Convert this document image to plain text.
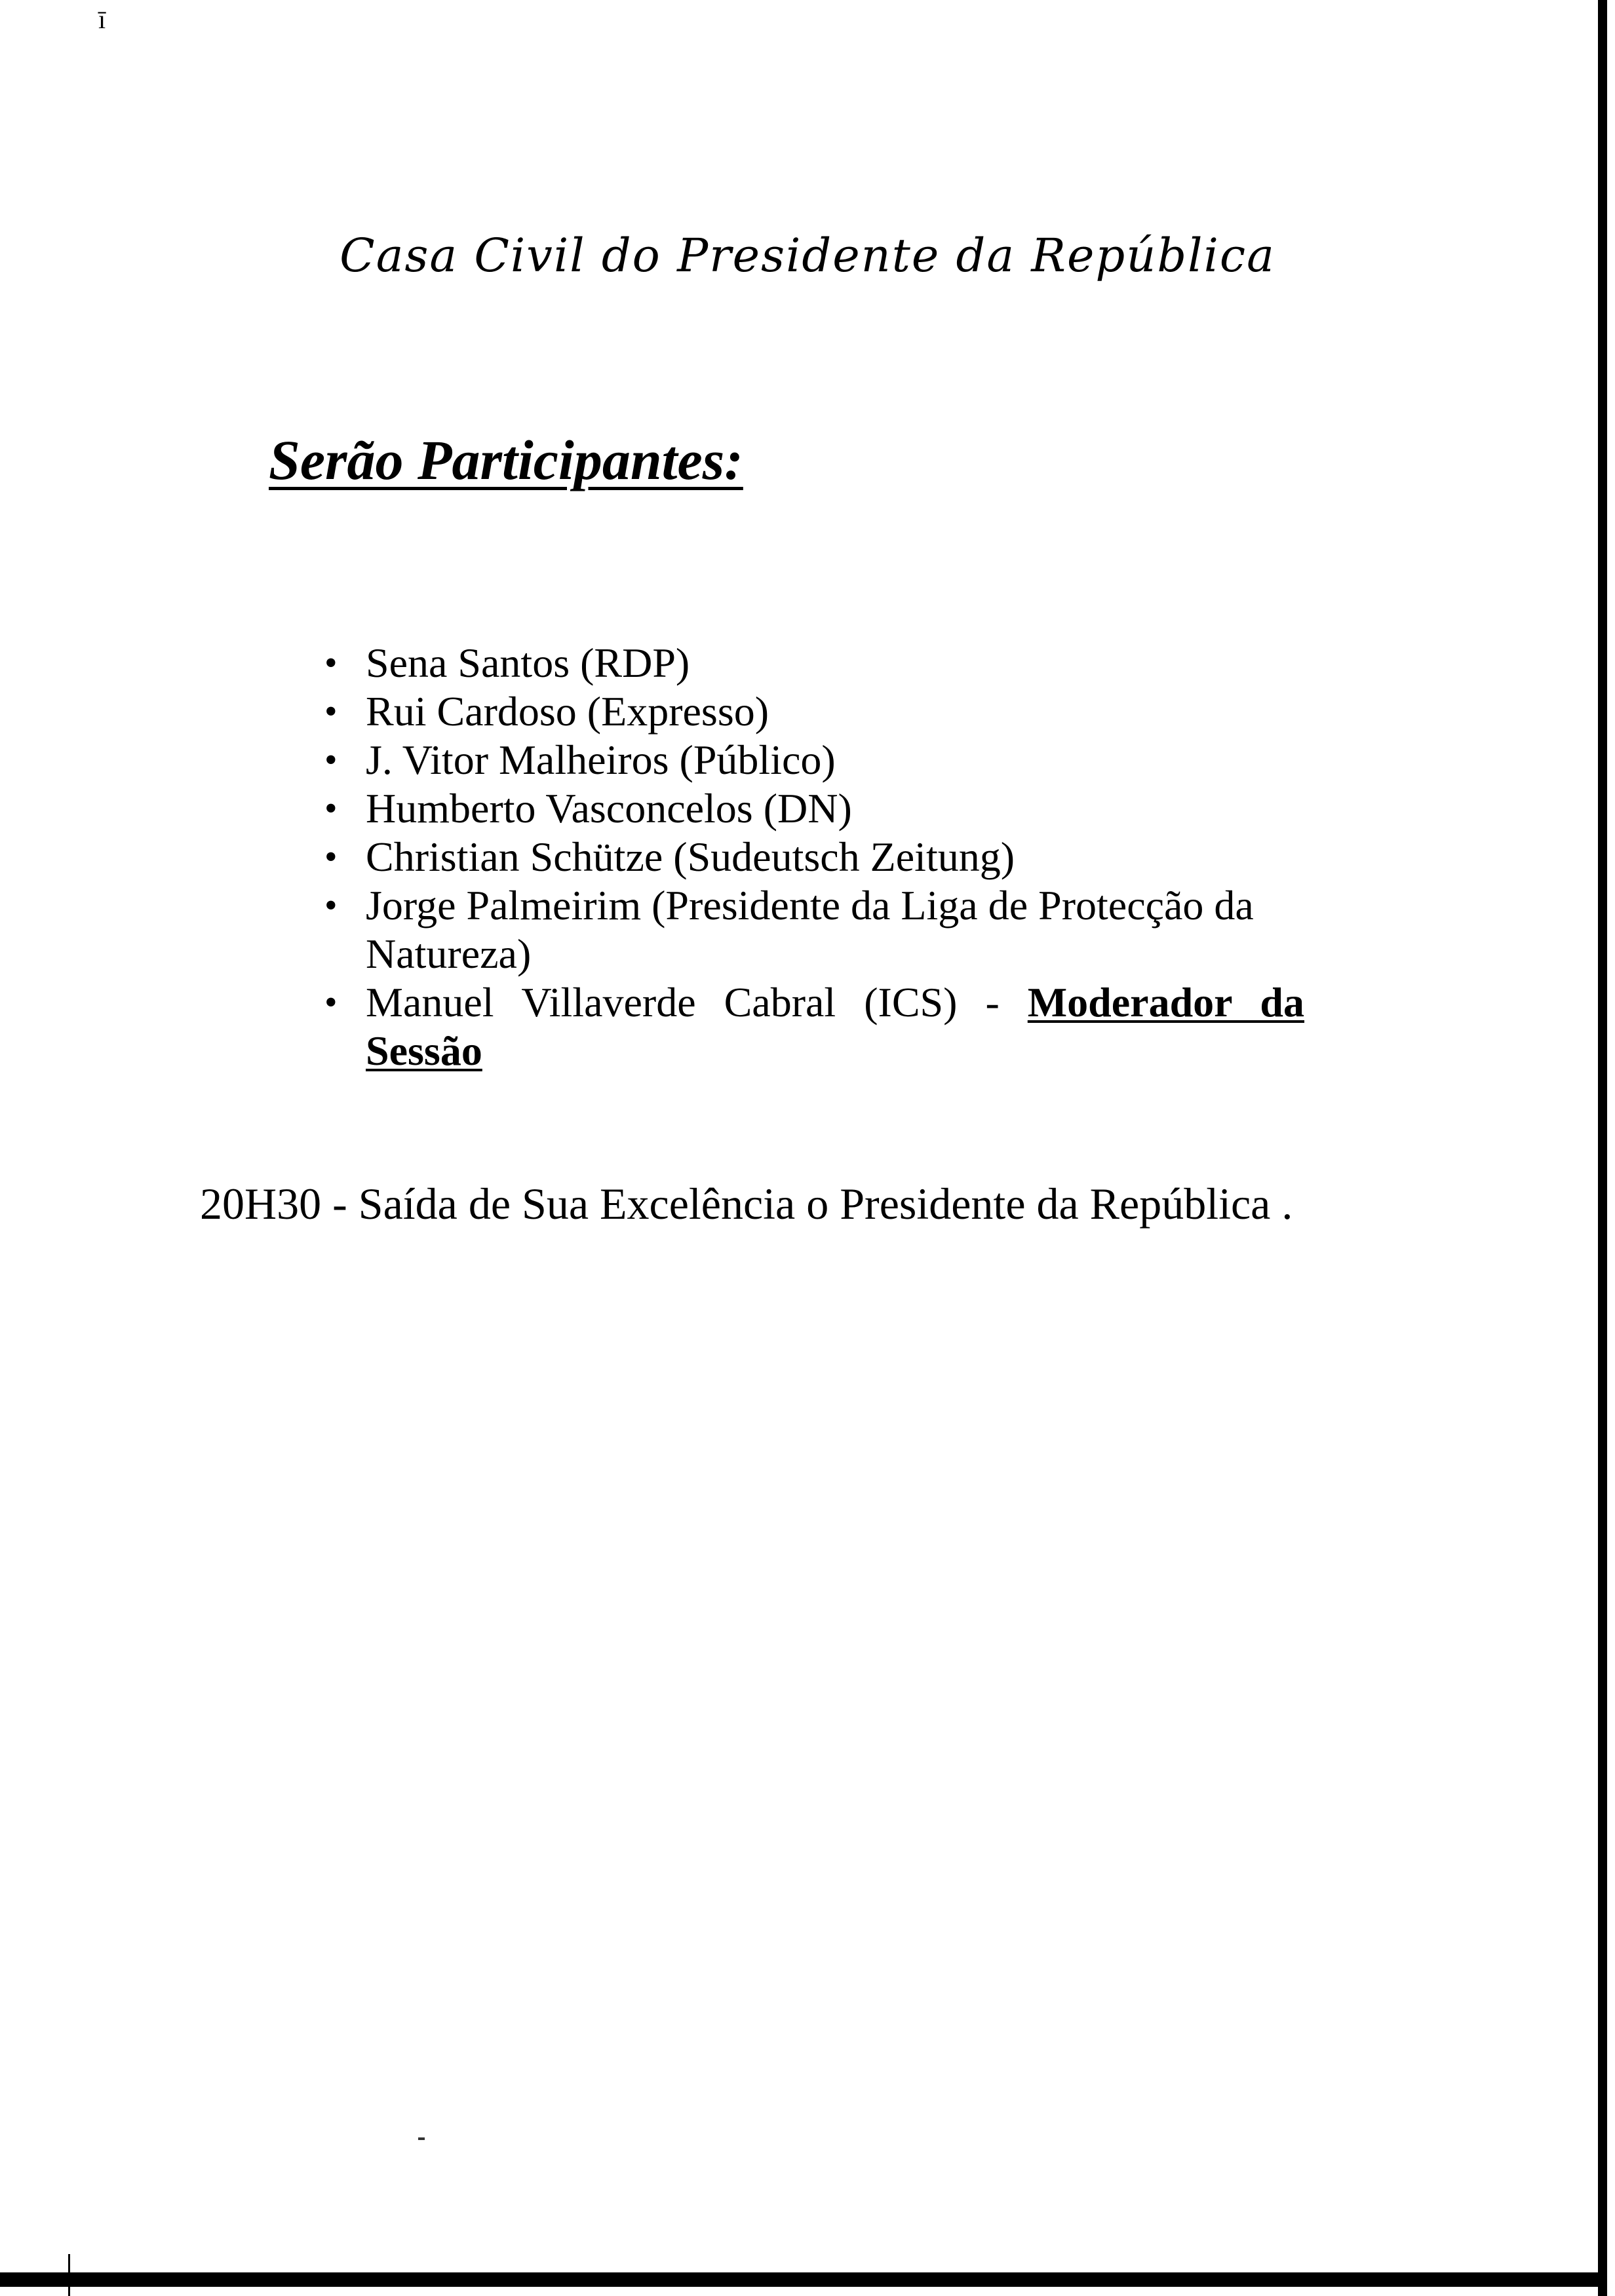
ī
Casa Civil do Presidente da República
Serão Participantes:
• Sena Santos (RDP)
• Rui Cardoso (Expresso)
• J. Vitor Malheiros (Público)
• Humberto Vasconcelos (DN)
• Christian Schütze (Sudeutsch Zeitung)
• Jorge Palmeirim (Presidente da Liga de Protecção da
Natureza)
• Manuel Villaverde Cabral (ICS) - Moderador da
Sessão

20H30 - Saída de Sua Excelência o Presidente da República .
